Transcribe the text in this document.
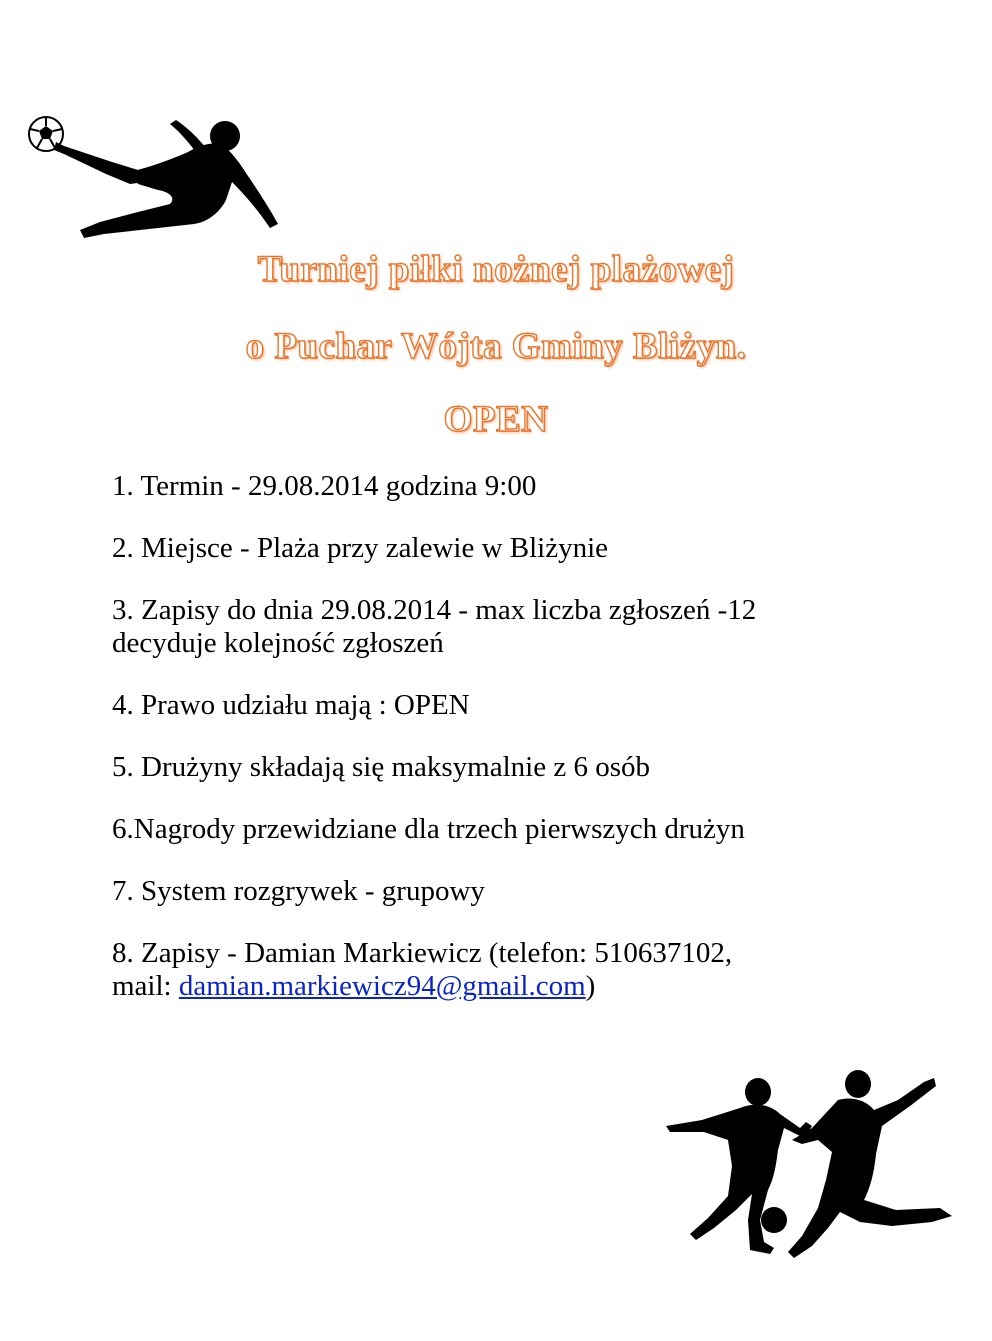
Turniej piłki nożnej plażowej
o Puchar Wójta Gminy Bliżyn.
OPEN

1. Termin - 29.08.2014 godzina 9:00

2. Miejsce - Plaża przy zalewie w Bliżynie

3. Zapisy do dnia 29.08.2014 - max liczba zgłoszeń -12
decyduje kolejność zgłoszeń

4. Prawo udziału mają : OPEN

5. Drużyny składają się maksymalnie z 6 osób

6.Nagrody przewidziane dla trzech pierwszych drużyn

7. System rozgrywek - grupowy

8. Zapisy - Damian Markiewicz (telefon: 510637102,
mail: damian.markiewicz94@gmail.com)
